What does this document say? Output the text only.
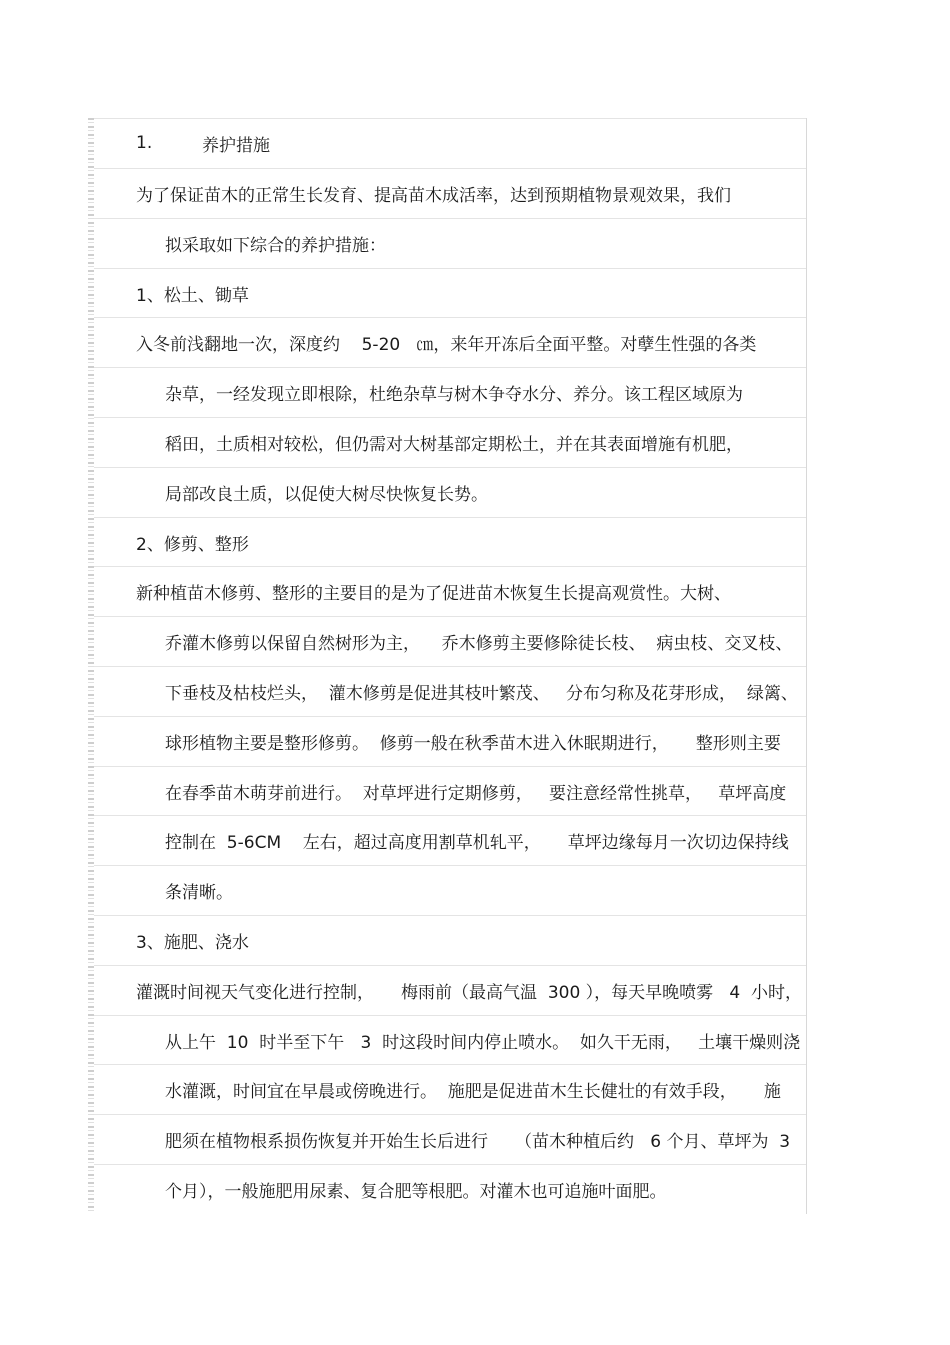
1.	养护措施
为了保证苗木的正常生长发育、提高苗木成活率，达到预期植物景观效果，我们
拟采取如下综合的养护措施：
1、松土、锄草
入冬前浅翻地一次，深度约    5-20   ㎝，来年开冻后全面平整。对孽生性强的各类
杂草，一经发现立即根除，杜绝杂草与树木争夺水分、养分。该工程区域原为
稻田，土质相对较松，但仍需对大树基部定期松土，并在其表面增施有机肥，
局部改良土质，以促使大树尽快恢复长势。
2、修剪、整形
新种植苗木修剪、整形的主要目的是为了促进苗木恢复生长提高观赏性。大树、
乔灌木修剪以保留自然树形为主，    乔木修剪主要修除徒长枝、  病虫枝、交叉枝、
下垂枝及枯枝烂头，  灌木修剪是促进其枝叶繁茂、   分布匀称及花芽形成，  绿篱、
球形植物主要是整形修剪。  修剪一般在秋季苗木进入休眠期进行，     整形则主要
在春季苗木萌芽前进行。  对草坪进行定期修剪，   要注意经常性挑草，   草坪高度
控制在  5-6CM    左右，超过高度用割草机轧平，     草坪边缘每月一次切边保持线
条清晰。
3、施肥、浇水
灌溉时间视天气变化进行控制，     梅雨前（最高气温  300 ），每天早晚喷雾   4  小时，
从上午  10  时半至下午   3  时这段时间内停止喷水。  如久干无雨，   土壤干燥则浇
水灌溉，时间宜在早晨或傍晚进行。  施肥是促进苗木生长健壮的有效手段，     施
肥须在植物根系损伤恢复并开始生长后进行     （苗木种植后约   6 个月、草坪为  3
个月），一般施肥用尿素、复合肥等根肥。对灌木也可追施叶面肥。
